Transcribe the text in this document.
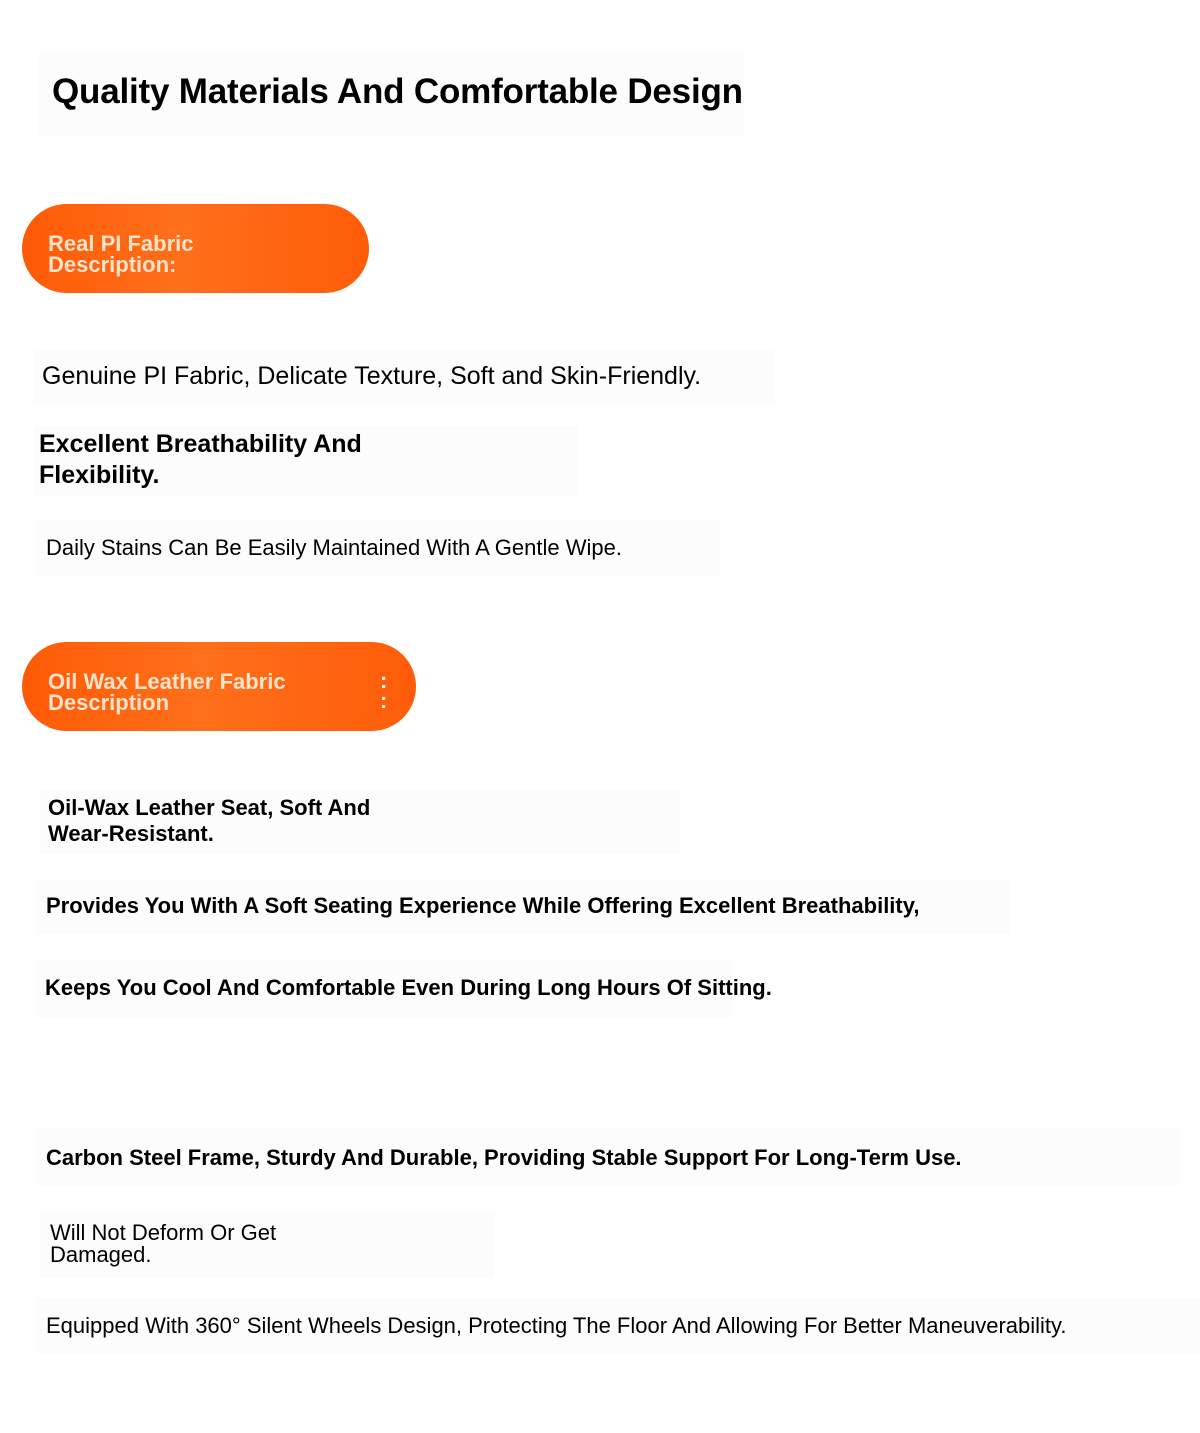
Quality Materials And Comfortable Design
Real PI Fabric
Description:
Genuine PI Fabric, Delicate Texture, Soft and Skin-Friendly.
Excellent Breathability And
Flexibility.
Daily Stains Can Be Easily Maintained With A Gentle Wipe.
Oil Wax Leather Fabric
Description
:
:
Oil-Wax Leather Seat, Soft And
Wear-Resistant.
Provides You With A Soft Seating Experience While Offering Excellent Breathability,
Keeps You Cool And Comfortable Even During Long Hours Of Sitting.
Carbon Steel Frame, Sturdy And Durable, Providing Stable Support For Long-Term Use.
Will Not Deform Or Get
Damaged.
Equipped With 360° Silent Wheels Design, Protecting The Floor And Allowing For Better Maneuverability.
